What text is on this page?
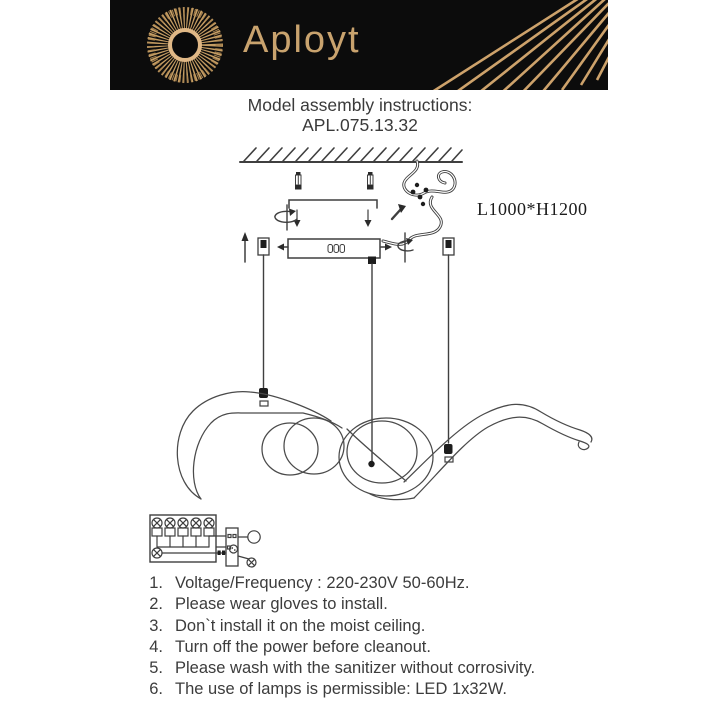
Aployt
Model assembly instructions:
APL.075.13.32
L1000*H1200
1. Voltage/Frequency : 220-230V 50-60Hz.
2. Please wear gloves to install.
3. Don`t install it on the moist ceiling.
4. Turn off the power before cleanout.
5. Please wash with the sanitizer without corrosivity.
6. The use of lamps is permissible: LED 1x32W.
